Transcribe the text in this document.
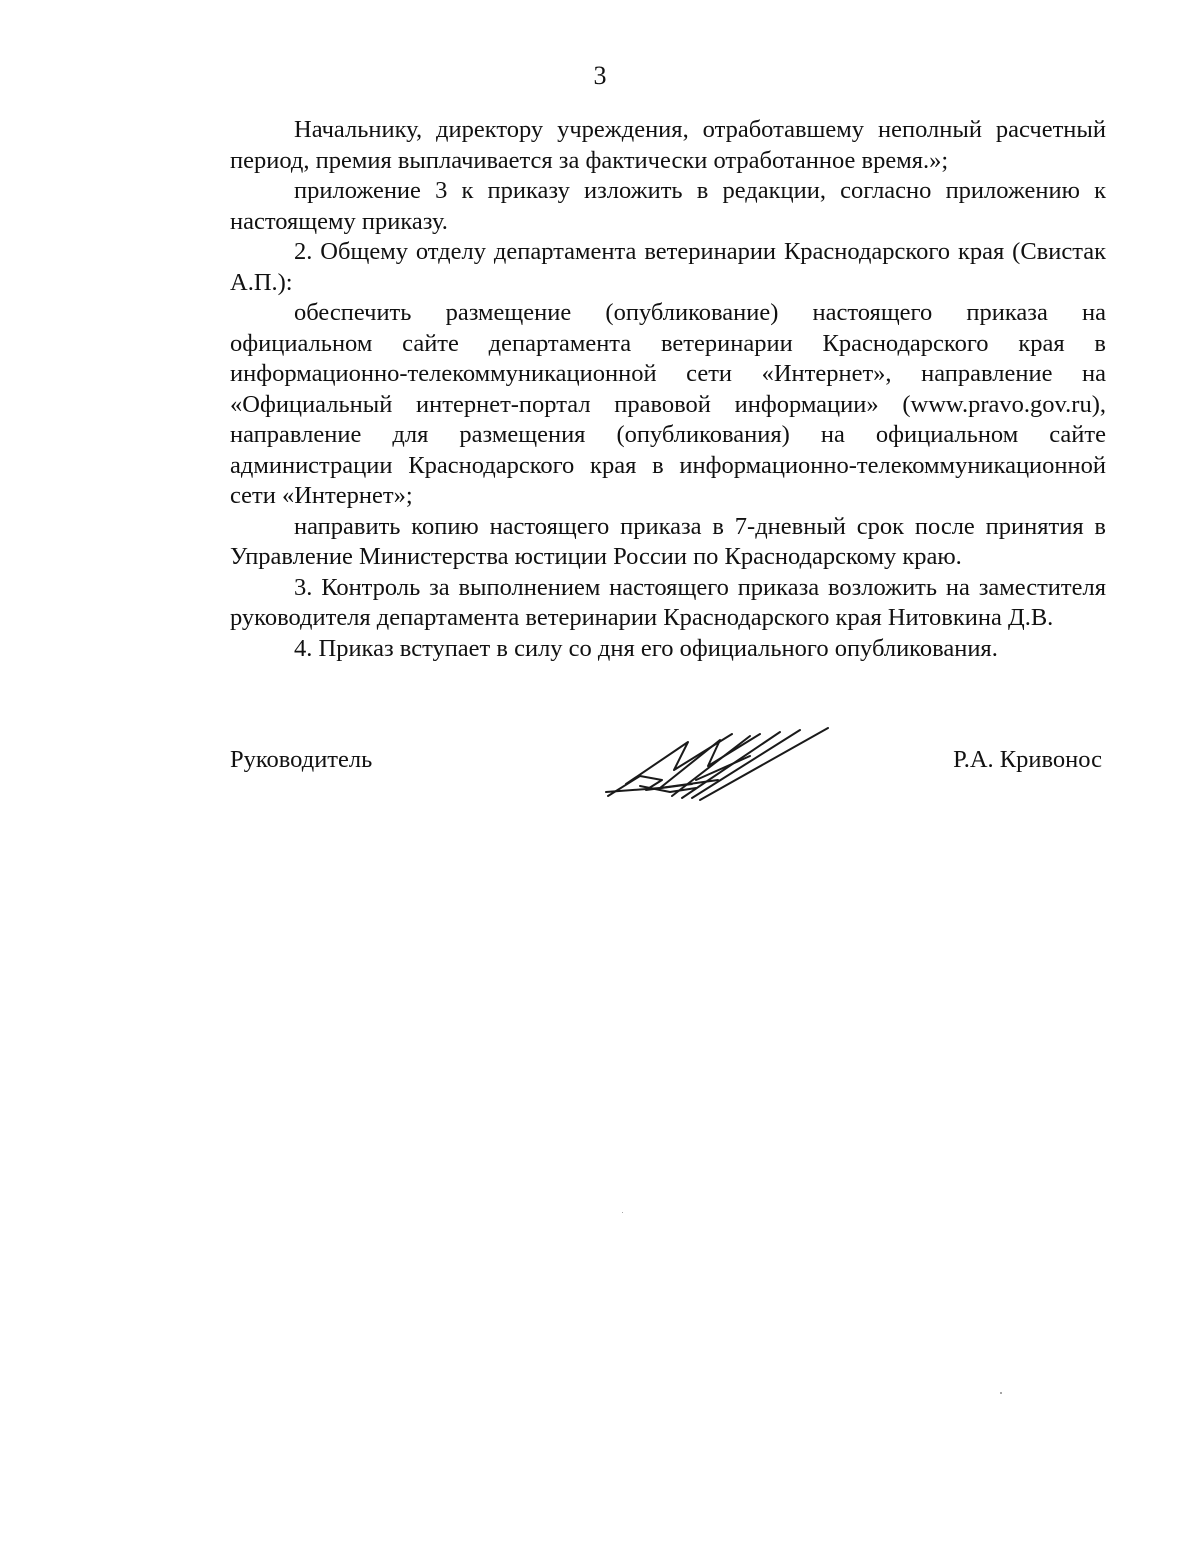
3

Начальнику, директору учреждения, отработавшему неполный расчетный период, премия выплачивается за фактически отработанное время.»;

приложение 3 к приказу изложить в редакции, согласно приложению к настоящему приказу.

2. Общему отделу департамента ветеринарии Краснодарского края (Свистак А.П.):

обеспечить размещение (опубликование) настоящего приказа на официальном сайте департамента ветеринарии Краснодарского края в информационно-телекоммуникационной сети «Интернет», направление на «Официальный интернет-портал правовой информации» (www.pravo.gov.ru), направление для размещения (опубликования) на официальном сайте администрации Краснодарского края в информационно-телекоммуникационной сети «Интернет»;

направить копию настоящего приказа в 7-дневный срок после принятия в Управление Министерства юстиции России по Краснодарскому краю.

3. Контроль за выполнением настоящего приказа возложить на заместителя руководителя департамента ветеринарии Краснодарского края Нитовкина Д.В.

4. Приказ вступает в силу со дня его официального опубликования.

Руководитель	Р.А. Кривонос
